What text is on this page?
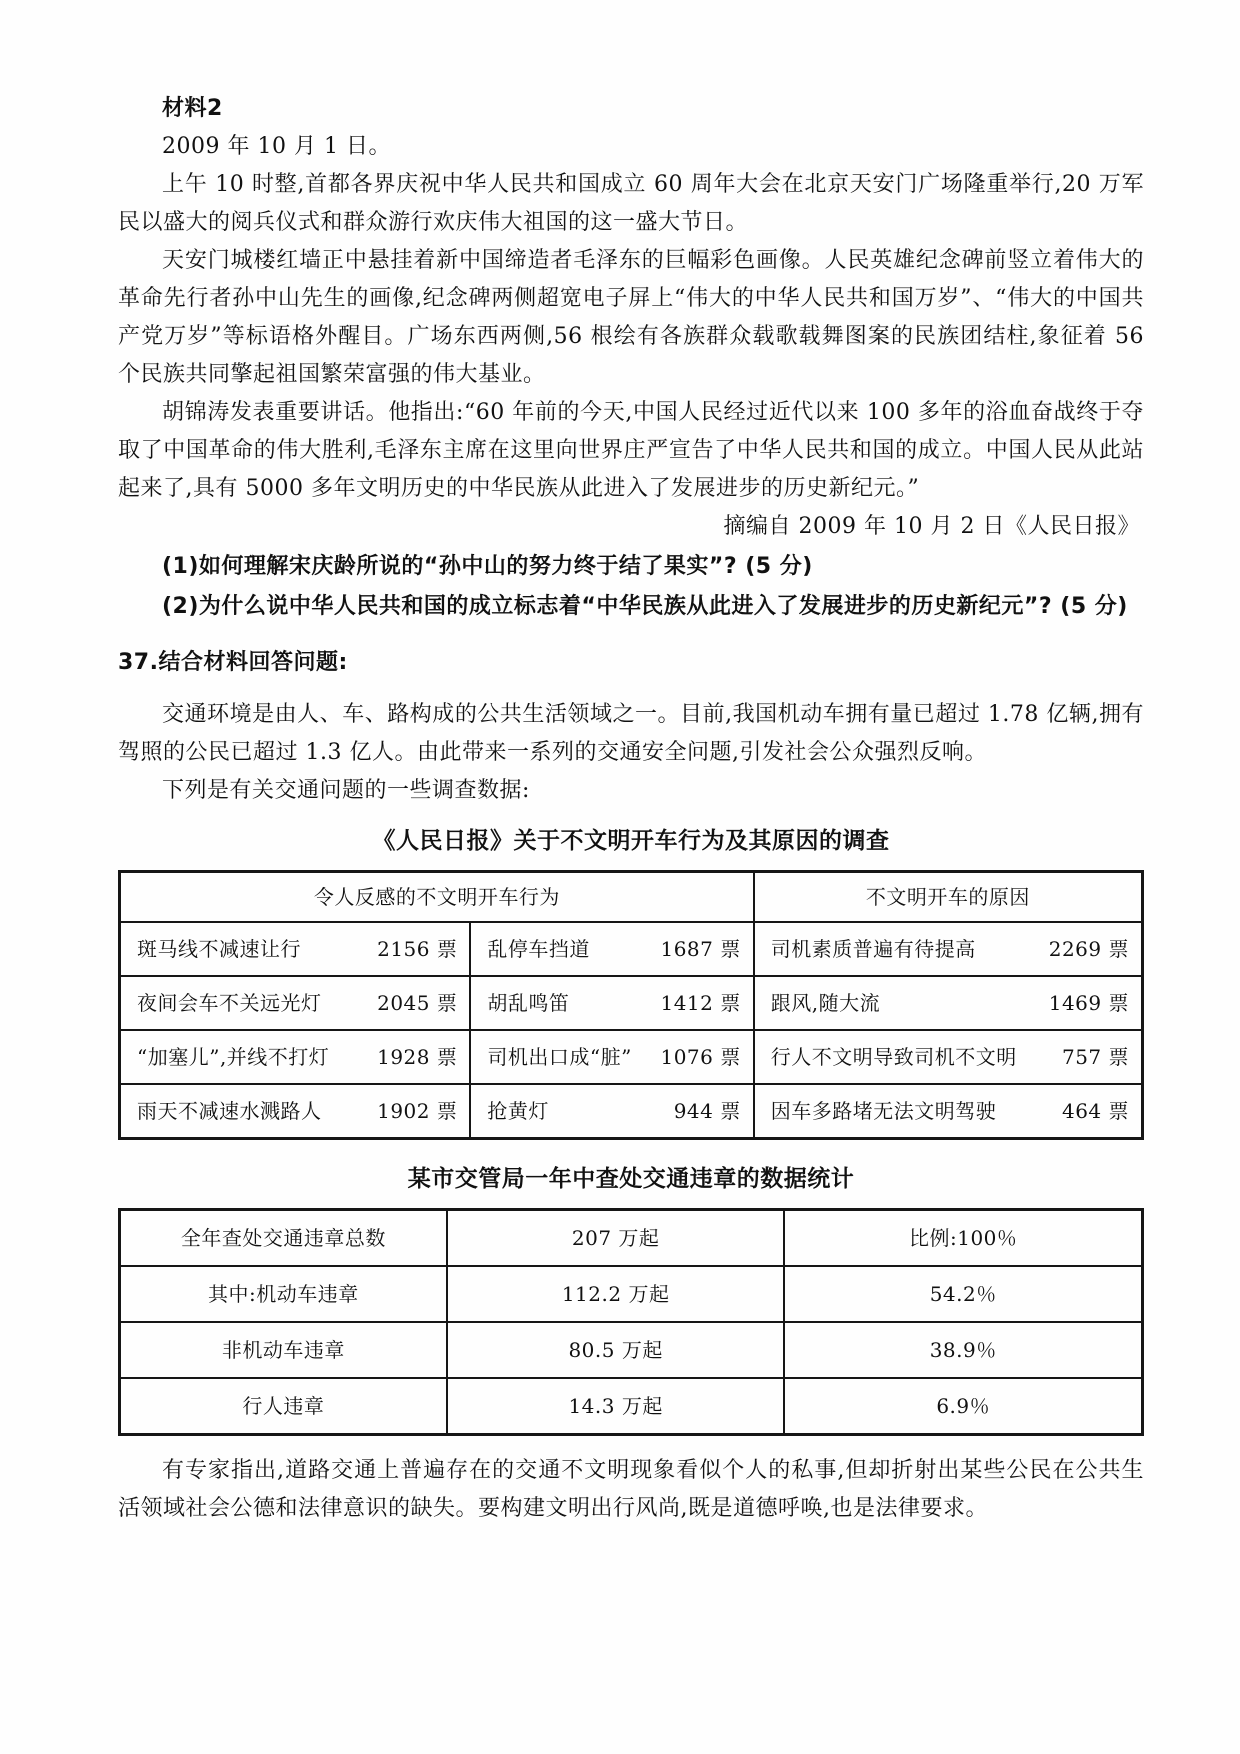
材料2

2009 年 10 月 1 日。

上午 10 时整,首都各界庆祝中华人民共和国成立 60 周年大会在北京天安门广场隆重举行,20 万军民以盛大的阅兵仪式和群众游行欢庆伟大祖国的这一盛大节日。

天安门城楼红墙正中悬挂着新中国缔造者毛泽东的巨幅彩色画像。人民英雄纪念碑前竖立着伟大的革命先行者孙中山先生的画像,纪念碑两侧超宽电子屏上“伟大的中华人民共和国万岁”、“伟大的中国共产党万岁”等标语格外醒目。广场东西两侧,56 根绘有各族群众载歌载舞图案的民族团结柱,象征着 56 个民族共同擎起祖国繁荣富强的伟大基业。

胡锦涛发表重要讲话。他指出:“60 年前的今天,中国人民经过近代以来 100 多年的浴血奋战终于夺取了中国革命的伟大胜利,毛泽东主席在这里向世界庄严宣告了中华人民共和国的成立。中国人民从此站起来了,具有 5000 多年文明历史的中华民族从此进入了发展进步的历史新纪元。”

摘编自 2009 年 10 月 2 日《人民日报》

(1)如何理解宋庆龄所说的“孙中山的努力终于结了果实”? (5 分)

(2)为什么说中华人民共和国的成立标志着“中华民族从此进入了发展进步的历史新纪元”? (5 分)

37.结合材料回答问题:

交通环境是由人、车、路构成的公共生活领域之一。目前,我国机动车拥有量已超过 1.78 亿辆,拥有驾照的公民已超过 1.3 亿人。由此带来一系列的交通安全问题,引发社会公众强烈反响。

下列是有关交通问题的一些调查数据:

《人民日报》关于不文明开车行为及其原因的调查
令人反感的不文明开车行为		不文明开车的原因

斑马线不减速让行 2156 票	乱停车挡道 1687 票	司机素质普遍有待提高 2269 票

夜间会车不关远光灯 2045 票	胡乱鸣笛 1412 票	跟风,随大流 1469 票

“加塞儿”,并线不打灯 1928 票	司机出口成“脏” 1076 票	行人不文明导致司机不文明 757 票

雨天不减速水溅路人 1902 票	抢黄灯 944 票	因车多路堵无法文明驾驶 464 票
某市交管局一年中查处交通违章的数据统计
全年查处交通违章总数	207 万起	比例:100％
其中:机动车违章	112.2 万起	54.2％
非机动车违章	80.5 万起	38.9％
行人违章	14.3 万起	6.9％

有专家指出,道路交通上普遍存在的交通不文明现象看似个人的私事,但却折射出某些公民在公共生活领域社会公德和法律意识的缺失。要构建文明出行风尚,既是道德呼唤,也是法律要求。
